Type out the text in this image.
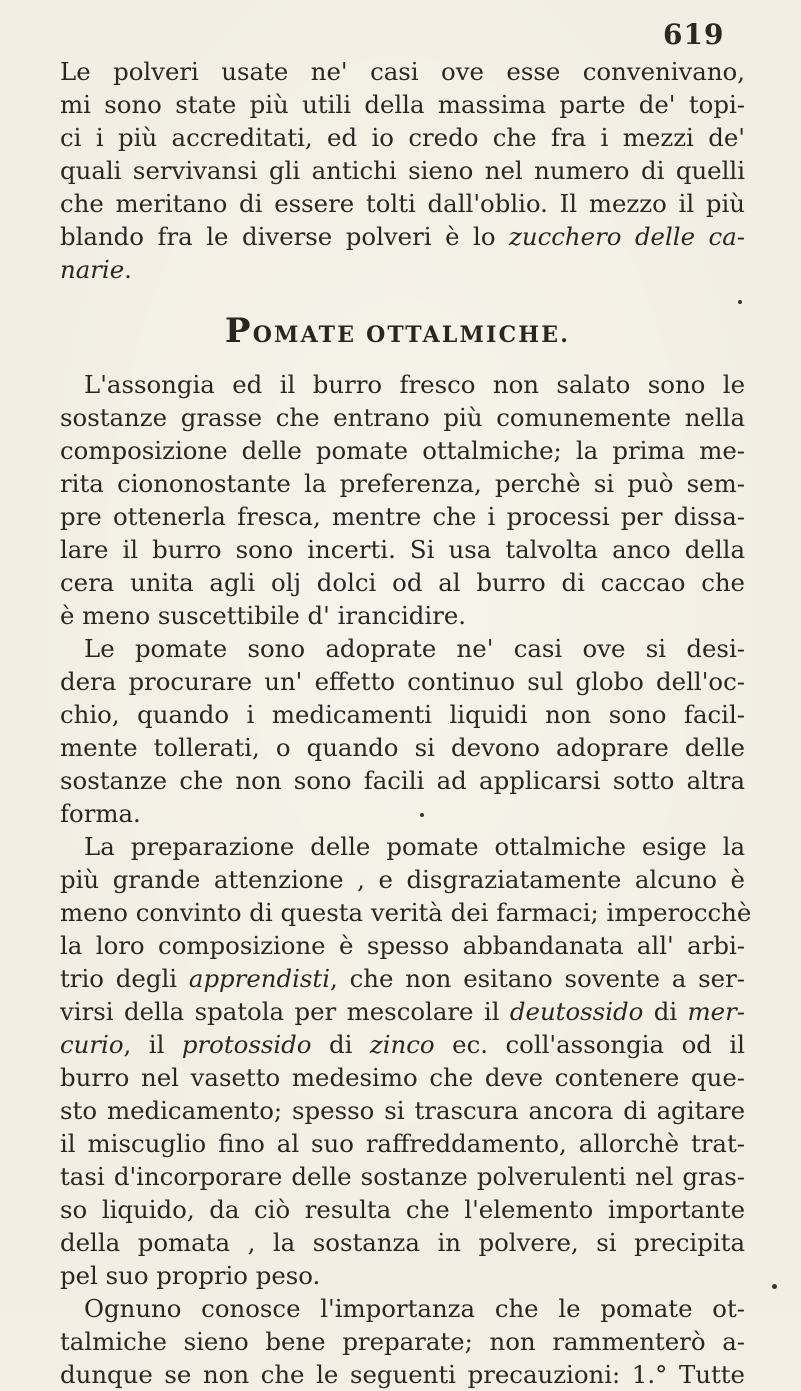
619
Le polveri usate ne' casi ove esse convenivano,
mi sono state più utili della massima parte de' topi-
ci i più accreditati, ed io credo che fra i mezzi de'
quali servivansi gli antichi sieno nel numero di quelli
che meritano di essere tolti dall'oblio. Il mezzo il più
blando fra le diverse polveri è lo zucchero delle ca-
narie.
POMATE OTTALMICHE.
L'assongia ed il burro fresco non salato sono le
sostanze grasse che entrano più comunemente nella
composizione delle pomate ottalmiche; la prima me-
rita ciononostante la preferenza, perchè si può sem-
pre ottenerla fresca, mentre che i processi per dissa-
lare il burro sono incerti. Si usa talvolta anco della
cera unita agli olj dolci od al burro di caccao che
è meno suscettibile d' irancidire.
Le pomate sono adoprate ne' casi ove si desi-
dera procurare un' effetto continuo sul globo dell'oc-
chio, quando i medicamenti liquidi non sono facil-
mente tollerati, o quando si devono adoprare delle
sostanze che non sono facili ad applicarsi sotto altra
forma.
La preparazione delle pomate ottalmiche esige la
più grande attenzione , e disgraziatamente alcuno è
meno convinto di questa verità dei farmaci; imperocchè
la loro composizione è spesso abbandanata all' arbi-
trio degli apprendisti, che non esitano sovente a ser-
virsi della spatola per mescolare il deutossido di mer-
curio, il protossido di zinco ec. coll'assongia od il
burro nel vasetto medesimo che deve contenere que-
sto medicamento; spesso si trascura ancora di agitare
il miscuglio fino al suo raffreddamento, allorchè trat-
tasi d'incorporare delle sostanze polverulenti nel gras-
so liquido, da ciò resulta che l'elemento importante
della pomata , la sostanza in polvere, si precipita
pel suo proprio peso.
Ognuno conosce l'importanza che le pomate ot-
talmiche sieno bene preparate; non rammenterò a-
dunque se non che le seguenti precauzioni: 1.° Tutte
